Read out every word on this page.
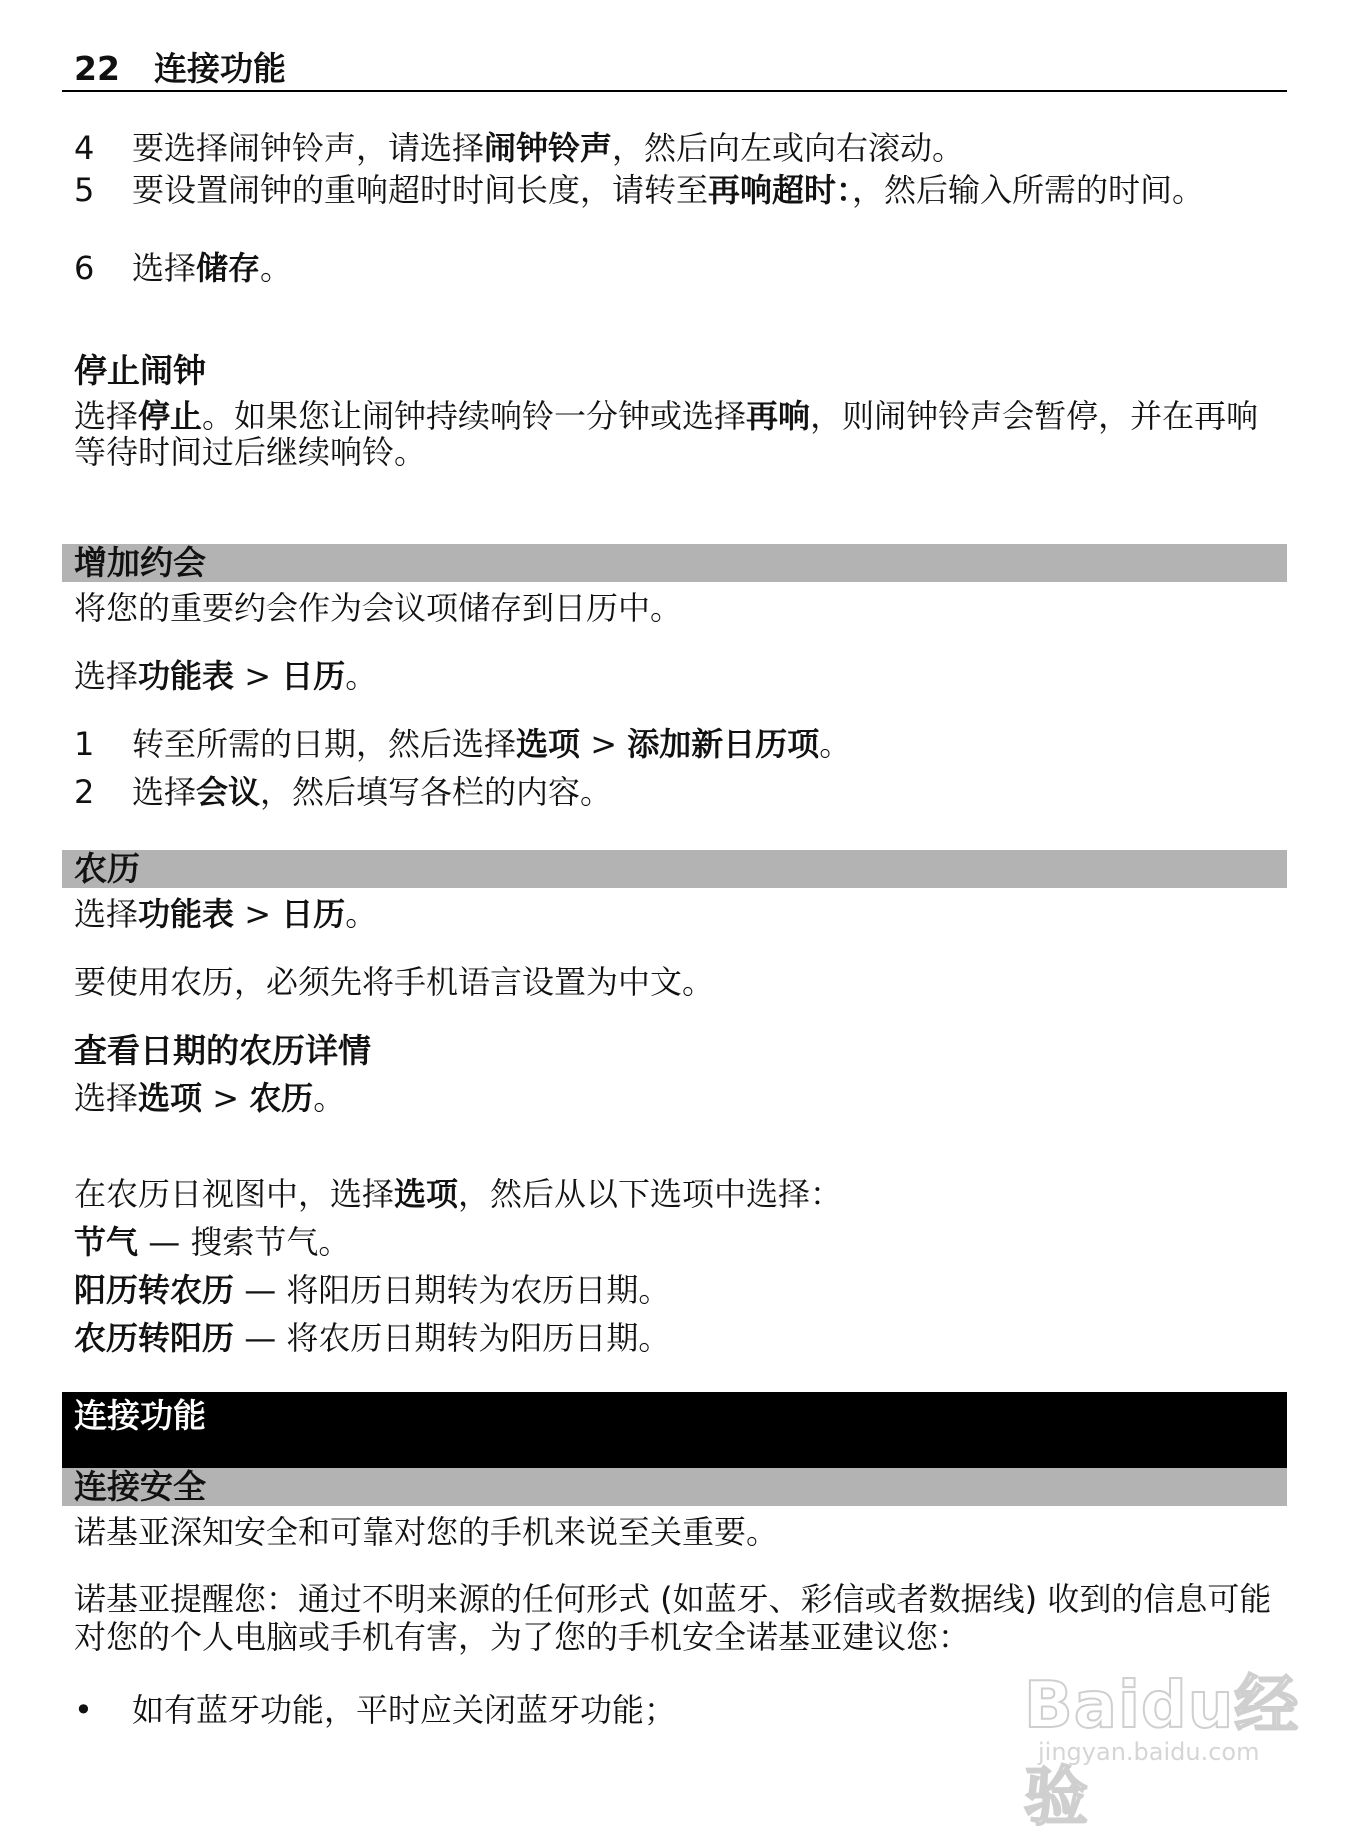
22 连接功能
4 要选择闹钟铃声，请选择闹钟铃声，然后向左或向右滚动。
5 要设置闹钟的重响超时时间长度，请转至再响超时：，然后输入所需的时间。
6 选择储存。
停止闹钟
选择停止。如果您让闹钟持续响铃一分钟或选择再响，则闹钟铃声会暂停，并在再响等待时间过后继续响铃。
增加约会
将您的重要约会作为会议项储存到日历中。
选择功能表 > 日历。
1 转至所需的日期，然后选择选项 > 添加新日历项。
2 选择会议，然后填写各栏的内容。
农历
选择功能表 > 日历。
要使用农历，必须先将手机语言设置为中文。
查看日期的农历详情
选择选项 > 农历。
在农历日视图中，选择选项，然后从以下选项中选择：
节气 — 搜索节气。
阳历转农历 — 将阳历日期转为农历日期。
农历转阳历 — 将农历日期转为阳历日期。
连接功能
连接安全
诺基亚深知安全和可靠对您的手机来说至关重要。
诺基亚提醒您：通过不明来源的任何形式 (如蓝牙、彩信或者数据线) 收到的信息可能对您的个人电脑或手机有害，为了您的手机安全诺基亚建议您：
• 如有蓝牙功能，平时应关闭蓝牙功能；	Baidu经验
jingyan.baidu.com
